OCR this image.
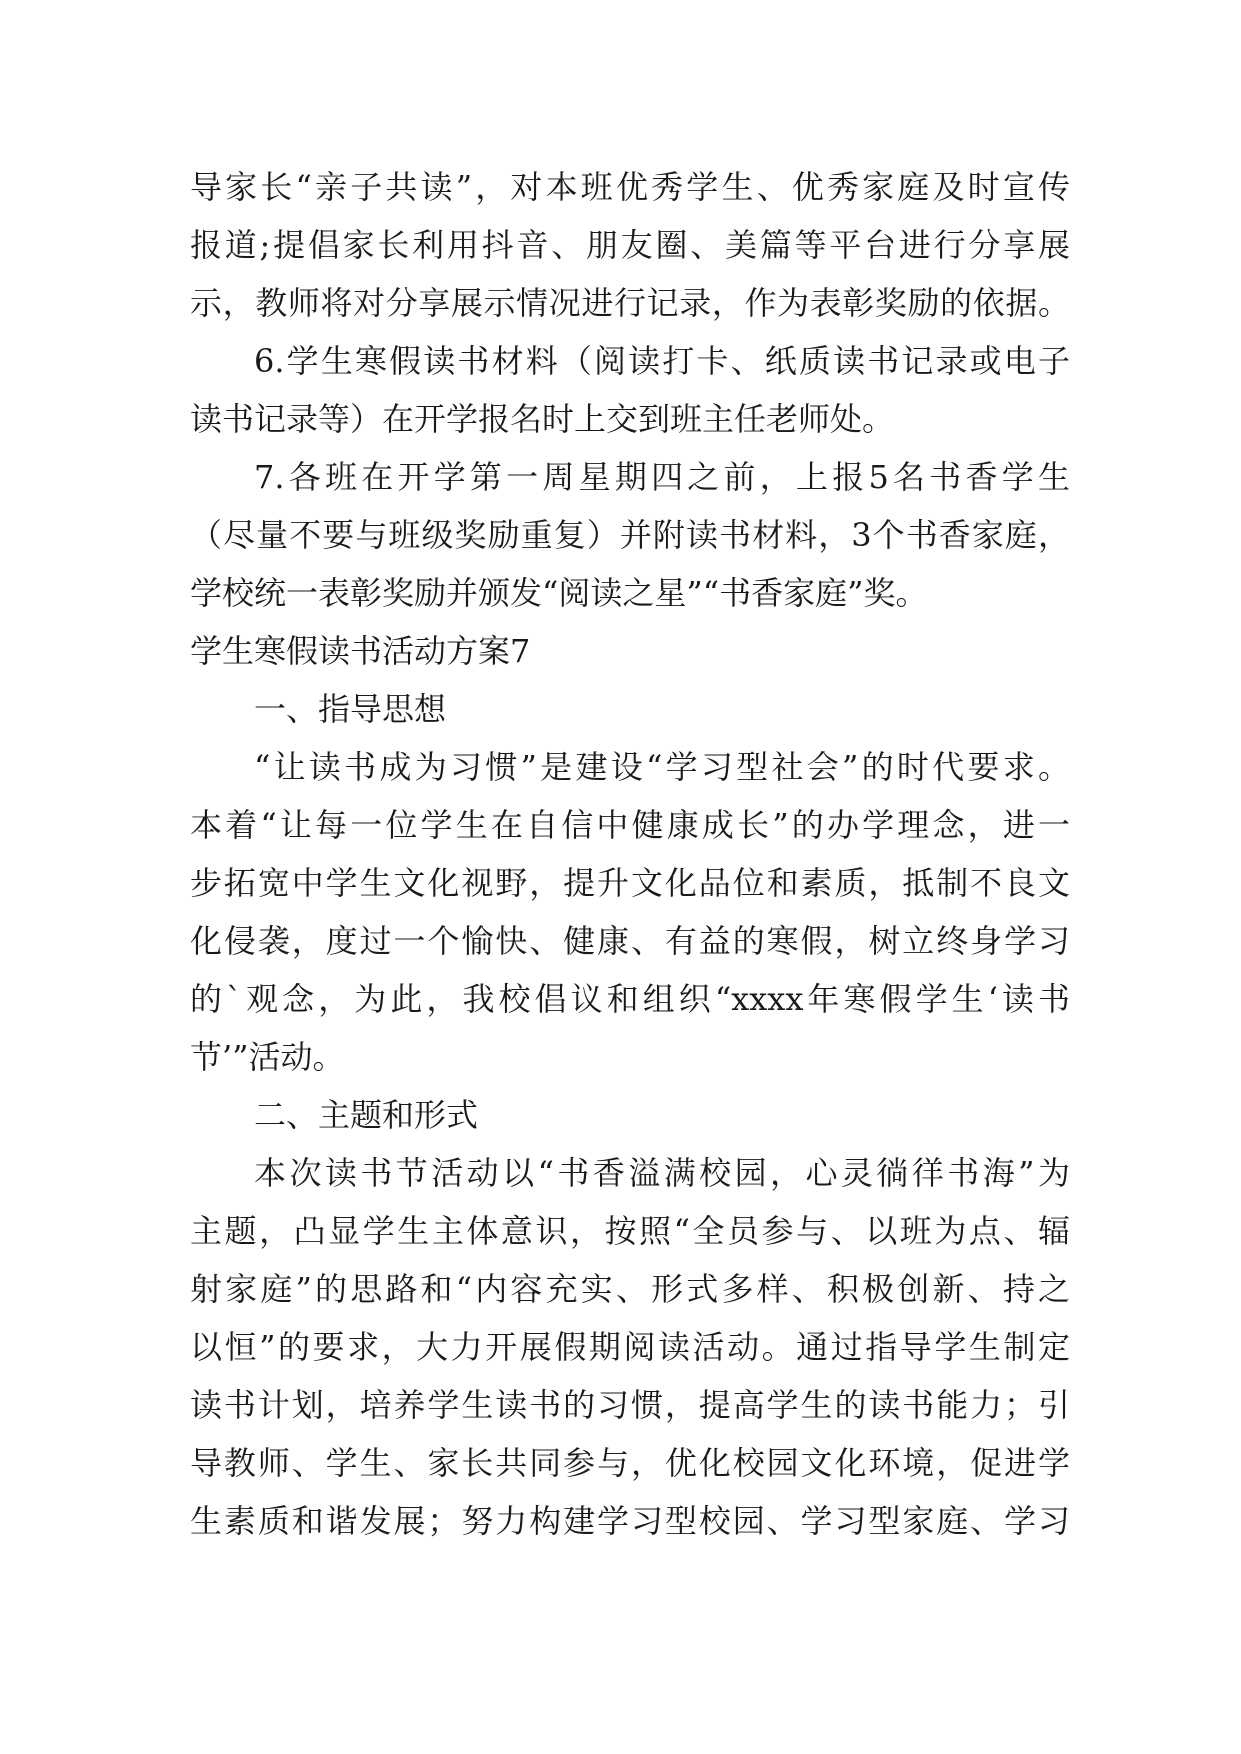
导家长“亲子共读”，对本班优秀学生、优秀家庭及时宣传
报道;提倡家长利用抖音、朋友圈、美篇等平台进行分享展
示，教师将对分享展示情况进行记录，作为表彰奖励的依据。
6.学生寒假读书材料（阅读打卡、纸质读书记录或电子
读书记录等）在开学报名时上交到班主任老师处。
7.各班在开学第一周星期四之前，上报5名书香学生
（尽量不要与班级奖励重复）并附读书材料，3个书香家庭，
学校统一表彰奖励并颁发“阅读之星”“书香家庭”奖。
学生寒假读书活动方案7
一、指导思想
“让读书成为习惯”是建设“学习型社会”的时代要求。
本着“让每一位学生在自信中健康成长”的办学理念，进一
步拓宽中学生文化视野，提升文化品位和素质，抵制不良文
化侵袭，度过一个愉快、健康、有益的寒假，树立终身学习
的`观念，为此，我校倡议和组织“xxxx年寒假学生‘读书
节’”活动。
二、主题和形式
本次读书节活动以“书香溢满校园，心灵徜徉书海”为
主题，凸显学生主体意识，按照“全员参与、以班为点、辐
射家庭”的思路和“内容充实、形式多样、积极创新、持之
以恒”的要求，大力开展假期阅读活动。通过指导学生制定
读书计划，培养学生读书的习惯，提高学生的读书能力；引
导教师、学生、家长共同参与，优化校园文化环境，促进学
生素质和谐发展；努力构建学习型校园、学习型家庭、学习
